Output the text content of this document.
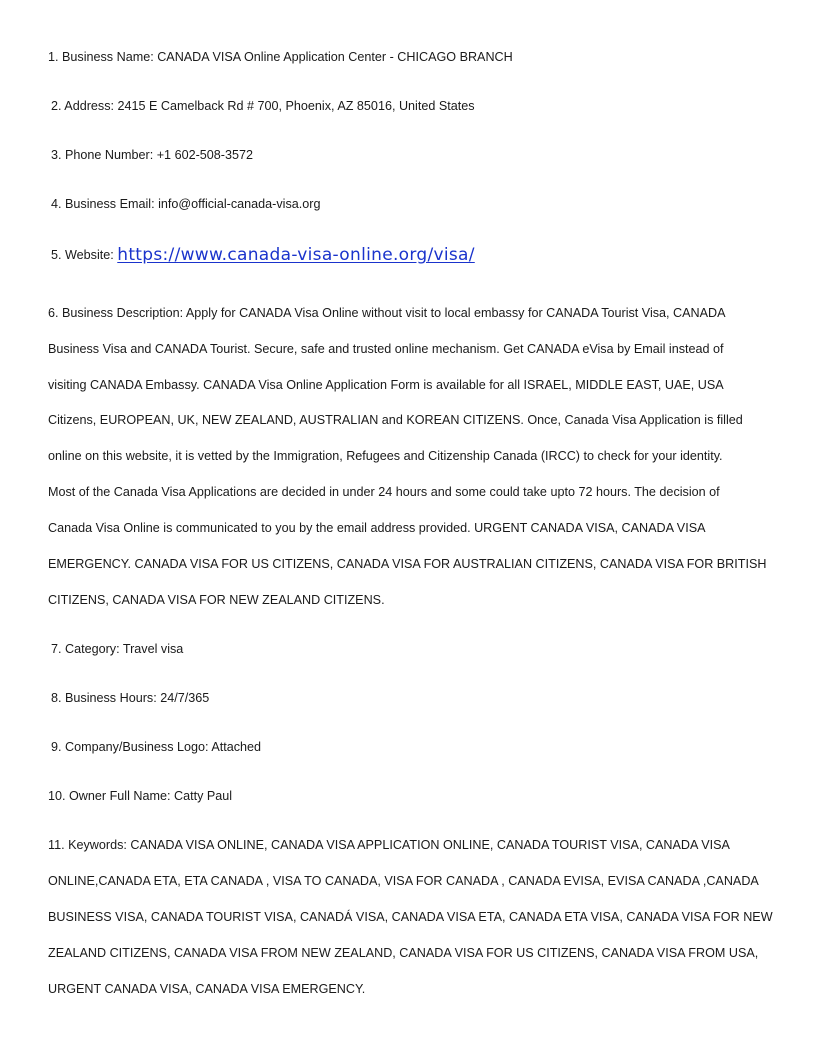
1. Business Name: CANADA VISA Online Application Center - CHICAGO BRANCH
2. Address: 2415 E Camelback Rd # 700, Phoenix, AZ 85016, United States
3. Phone Number: +1 602-508-3572
4. Business Email: info@official-canada-visa.org
5. Website: https://www.canada-visa-online.org/visa/
6. Business Description: Apply for CANADA Visa Online without visit to local embassy for CANADA Tourist Visa, CANADA
Business Visa and CANADA Tourist. Secure, safe and trusted online mechanism. Get CANADA eVisa by Email instead of
visiting CANADA Embassy. CANADA Visa Online Application Form is available for all ISRAEL, MIDDLE EAST, UAE, USA
Citizens, EUROPEAN, UK, NEW ZEALAND, AUSTRALIAN and KOREAN CITIZENS. Once, Canada Visa Application is filled
online on this website, it is vetted by the Immigration, Refugees and Citizenship Canada (IRCC) to check for your identity.
Most of the Canada Visa Applications are decided in under 24 hours and some could take upto 72 hours. The decision of
Canada Visa Online is communicated to you by the email address provided. URGENT CANADA VISA, CANADA VISA
EMERGENCY. CANADA VISA FOR US CITIZENS, CANADA VISA FOR AUSTRALIAN CITIZENS, CANADA VISA FOR BRITISH
CITIZENS, CANADA VISA FOR NEW ZEALAND CITIZENS.
7. Category: Travel visa
8. Business Hours: 24/7/365
9. Company/Business Logo: Attached
10. Owner Full Name: Catty Paul
11. Keywords: CANADA VISA ONLINE, CANADA VISA APPLICATION ONLINE, CANADA TOURIST VISA, CANADA VISA
ONLINE,CANADA ETA, ETA CANADA , VISA TO CANADA, VISA FOR CANADA , CANADA EVISA, EVISA CANADA ,CANADA
BUSINESS VISA, CANADA TOURIST VISA, CANADÁ VISA, CANADA VISA ETA, CANADA ETA VISA, CANADA VISA FOR NEW
ZEALAND CITIZENS, CANADA VISA FROM NEW ZEALAND, CANADA VISA FOR US CITIZENS, CANADA VISA FROM USA,
URGENT CANADA VISA, CANADA VISA EMERGENCY.
